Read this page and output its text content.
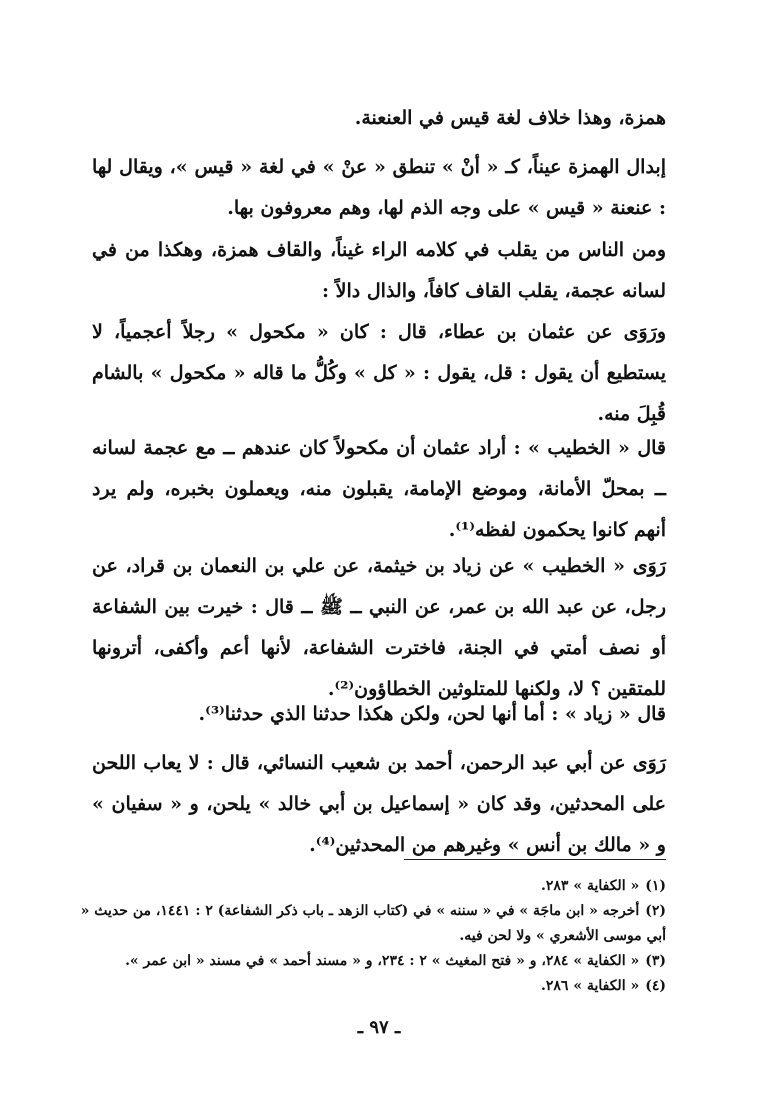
همزة، وهذا خلاف لغة قيس في العنعنة.
إبدال الهمزة عيناً، كـ « أنْ » تنطق « عنْ » في لغة « قيس »، ويقال لها : عنعنة « قيس » على وجه الذم لها، وهم معروفون بها.
ومن الناس من يقلب في كلامه الراء غيناً، والقاف همزة، وهكذا من في لسانه عجمة، يقلب القاف كافاً، والذال دالاً :
ورَوَى عن عثمان بن عطاء، قال : كان « مكحول » رجلاً أعجمياً، لا يستطيع أن يقول : قل، يقول : « كل » وكُلُّ ما قاله « مكحول » بالشام قُبِلَ منه.
قال « الخطيب » : أراد عثمان أن مكحولاً كان عندهم ــ مع عجمة لسانه ــ بمحلّ الأمانة، وموضع الإمامة، يقبلون منه، ويعملون بخبره، ولم يرد أنهم كانوا يحكمون لفظه⁽¹⁾.
رَوَى « الخطيب » عن زياد بن خيثمة، عن علي بن النعمان بن قراد، عن رجل، عن عبد الله بن عمر، عن النبي ــ ﷺ ــ قال : خيرت بين الشفاعة أو نصف أمتي في الجنة، فاخترت الشفاعة، لأنها أعم وأكفى، أترونها للمتقين ؟ لا، ولكنها للمتلوثين الخطاؤون⁽²⁾.
قال « زياد » : أما أنها لحن، ولكن هكذا حدثنا الذي حدثنا⁽³⁾.
رَوَى عن أبي عبد الرحمن، أحمد بن شعيب النسائي، قال : لا يعاب اللحن على المحدثين، وقد كان « إسماعيل بن أبي خالد » يلحن، و « سفيان » و « مالك بن أنس » وغيرهم من المحدثين⁽⁴⁾.
(١)« الكفاية » ٢٨٣.
(٢)أخرجه « ابن ماجَة » في « سننه » في (كتاب الزهد ـ باب ذكر الشفاعة) ٢ : ١٤٤١، من حديث « أبي موسى الأشعري » ولا لحن فيه.
(٣)« الكفاية » ٢٨٤، و « فتح المغيث » ٢ : ٢٣٤، و « مسند أحمد » في مسند « ابن عمر ».
(٤)« الكفاية » ٢٨٦.
ـ ٩٧ ـ
